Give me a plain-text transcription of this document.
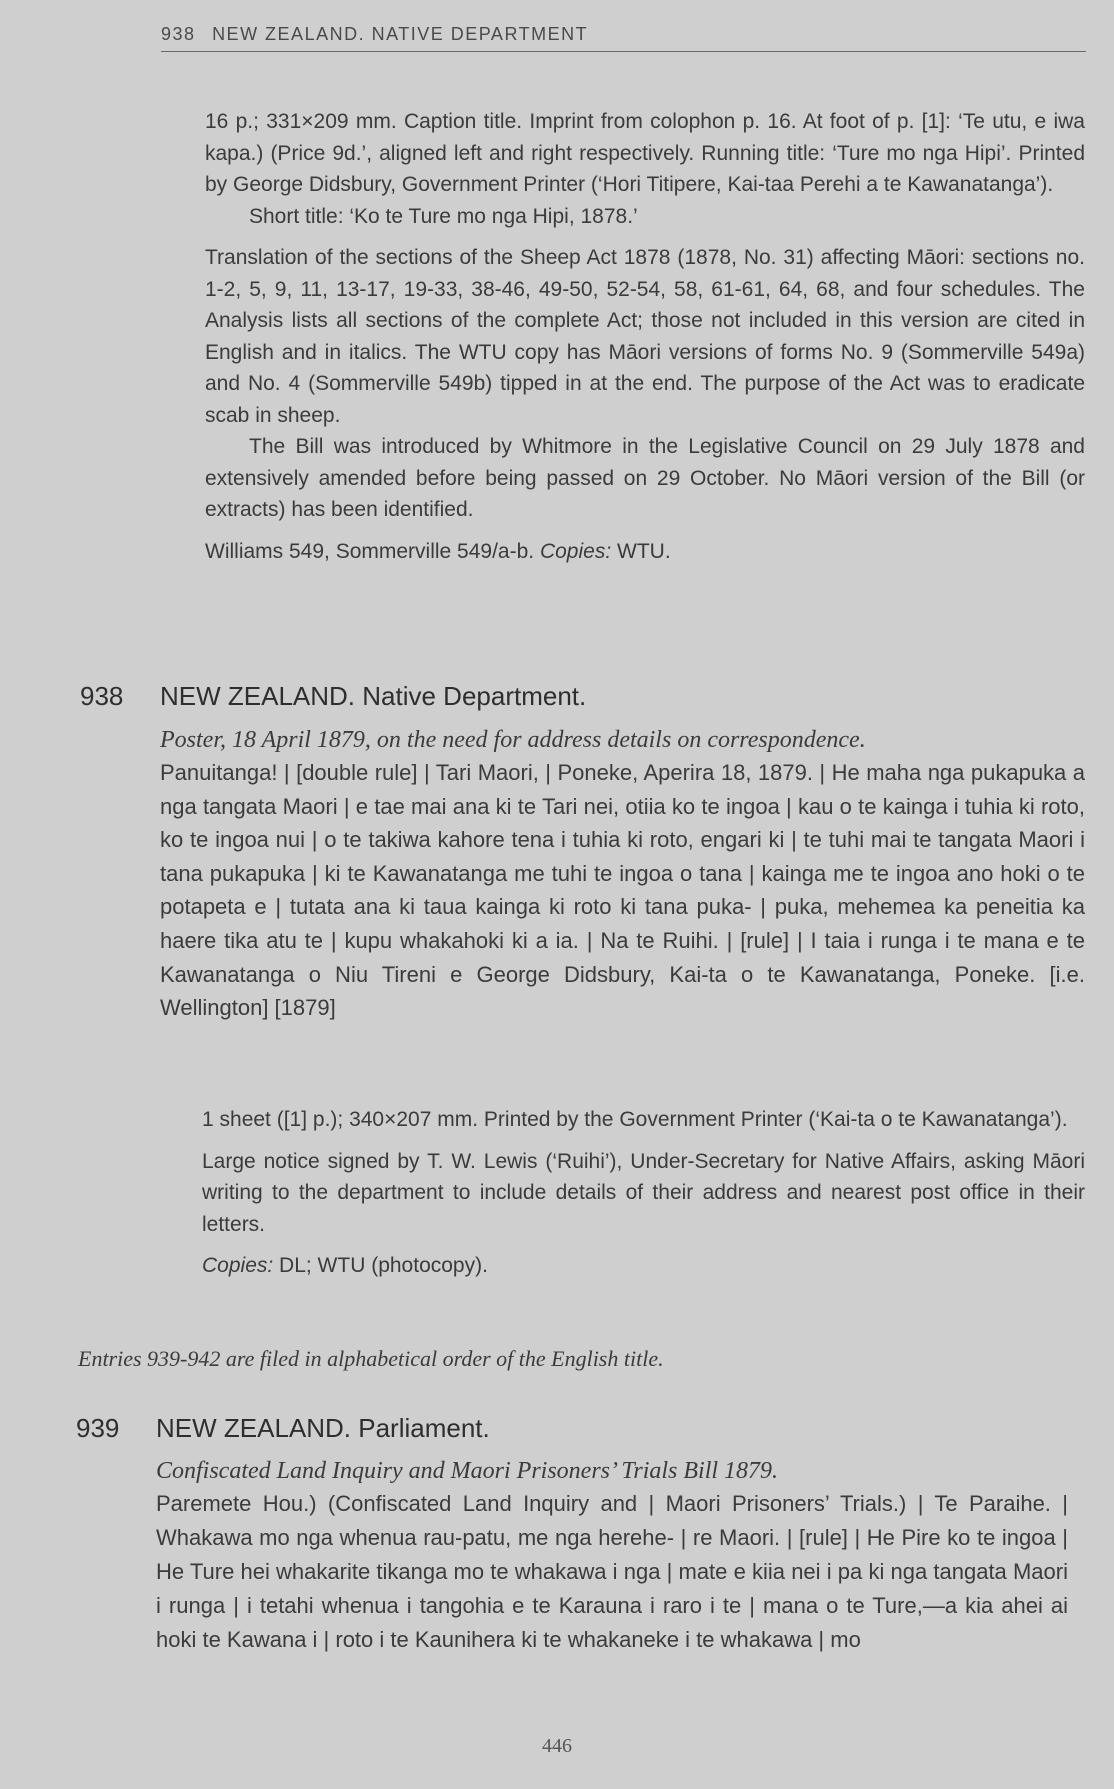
938 NEW ZEALAND. NATIVE DEPARTMENT

16 p.; 331×209 mm. Caption title. Imprint from colophon p. 16. At foot of p. [1]: ‘Te utu, e iwa kapa.) (Price 9d.’, aligned left and right respectively. Running title: ‘Ture mo nga Hipi’. Printed by George Didsbury, Government Printer (‘Hori Titipere, Kai-taa Perehi a te Kawanatanga’).

Short title: ‘Ko te Ture mo nga Hipi, 1878.’

Translation of the sections of the Sheep Act 1878 (1878, No. 31) affecting Māori: sections no. 1-2, 5, 9, 11, 13-17, 19-33, 38-46, 49-50, 52-54, 58, 61-61, 64, 68, and four schedules. The Analysis lists all sections of the complete Act; those not included in this version are cited in English and in italics. The WTU copy has Māori versions of forms No. 9 (Sommerville 549a) and No. 4 (Sommerville 549b) tipped in at the end. The purpose of the Act was to eradicate scab in sheep.

The Bill was introduced by Whitmore in the Legislative Council on 29 July 1878 and extensively amended before being passed on 29 October. No Māori version of the Bill (or extracts) has been identified.

Williams 549, Sommerville 549/a-b. Copies: WTU.

938 NEW ZEALAND. Native Department.

Poster, 18 April 1879, on the need for address details on correspondence.

Panuitanga! | [double rule] | Tari Maori, | Poneke, Aperira 18, 1879. | He maha nga pukapuka a nga tangata Maori | e tae mai ana ki te Tari nei, otiia ko te ingoa | kau o te kainga i tuhia ki roto, ko te ingoa nui | o te takiwa kahore tena i tuhia ki roto, engari ki | te tuhi mai te tangata Maori i tana pukapuka | ki te Kawanatanga me tuhi te ingoa o tana | kainga me te ingoa ano hoki o te potapeta e | tutata ana ki taua kainga ki roto ki tana puka- | puka, mehemea ka peneitia ka haere tika atu te | kupu whakahoki ki a ia. | Na te Ruihi. | [rule] | I taia i runga i te mana e te Kawanatanga o Niu Tireni e George Didsbury, Kai-ta o te Kawanatanga, Poneke. [i.e. Wellington] [1879]

1 sheet ([1] p.); 340×207 mm. Printed by the Government Printer (‘Kai-ta o te Kawanatanga’).

Large notice signed by T. W. Lewis (‘Ruihi’), Under-Secretary for Native Affairs, asking Māori writing to the department to include details of their address and nearest post office in their letters.

Copies: DL; WTU (photocopy).

Entries 939-942 are filed in alphabetical order of the English title.
939 NEW ZEALAND. Parliament.

Confiscated Land Inquiry and Maori Prisoners’ Trials Bill 1879.

Paremete Hou.) (Confiscated Land Inquiry and | Maori Prisoners’ Trials.) | Te Paraihe. | Whakawa mo nga whenua rau-patu, me nga herehe- | re Maori. | [rule] | He Pire ko te ingoa | He Ture hei whakarite tikanga mo te whakawa i nga | mate e kiia nei i pa ki nga tangata Maori i runga | i tetahi whenua i tangohia e te Karauna i raro i te | mana o te Ture,—a kia ahei ai hoki te Kawana i | roto i te Kaunihera ki te whakaneke i te whakawa | mo

446
